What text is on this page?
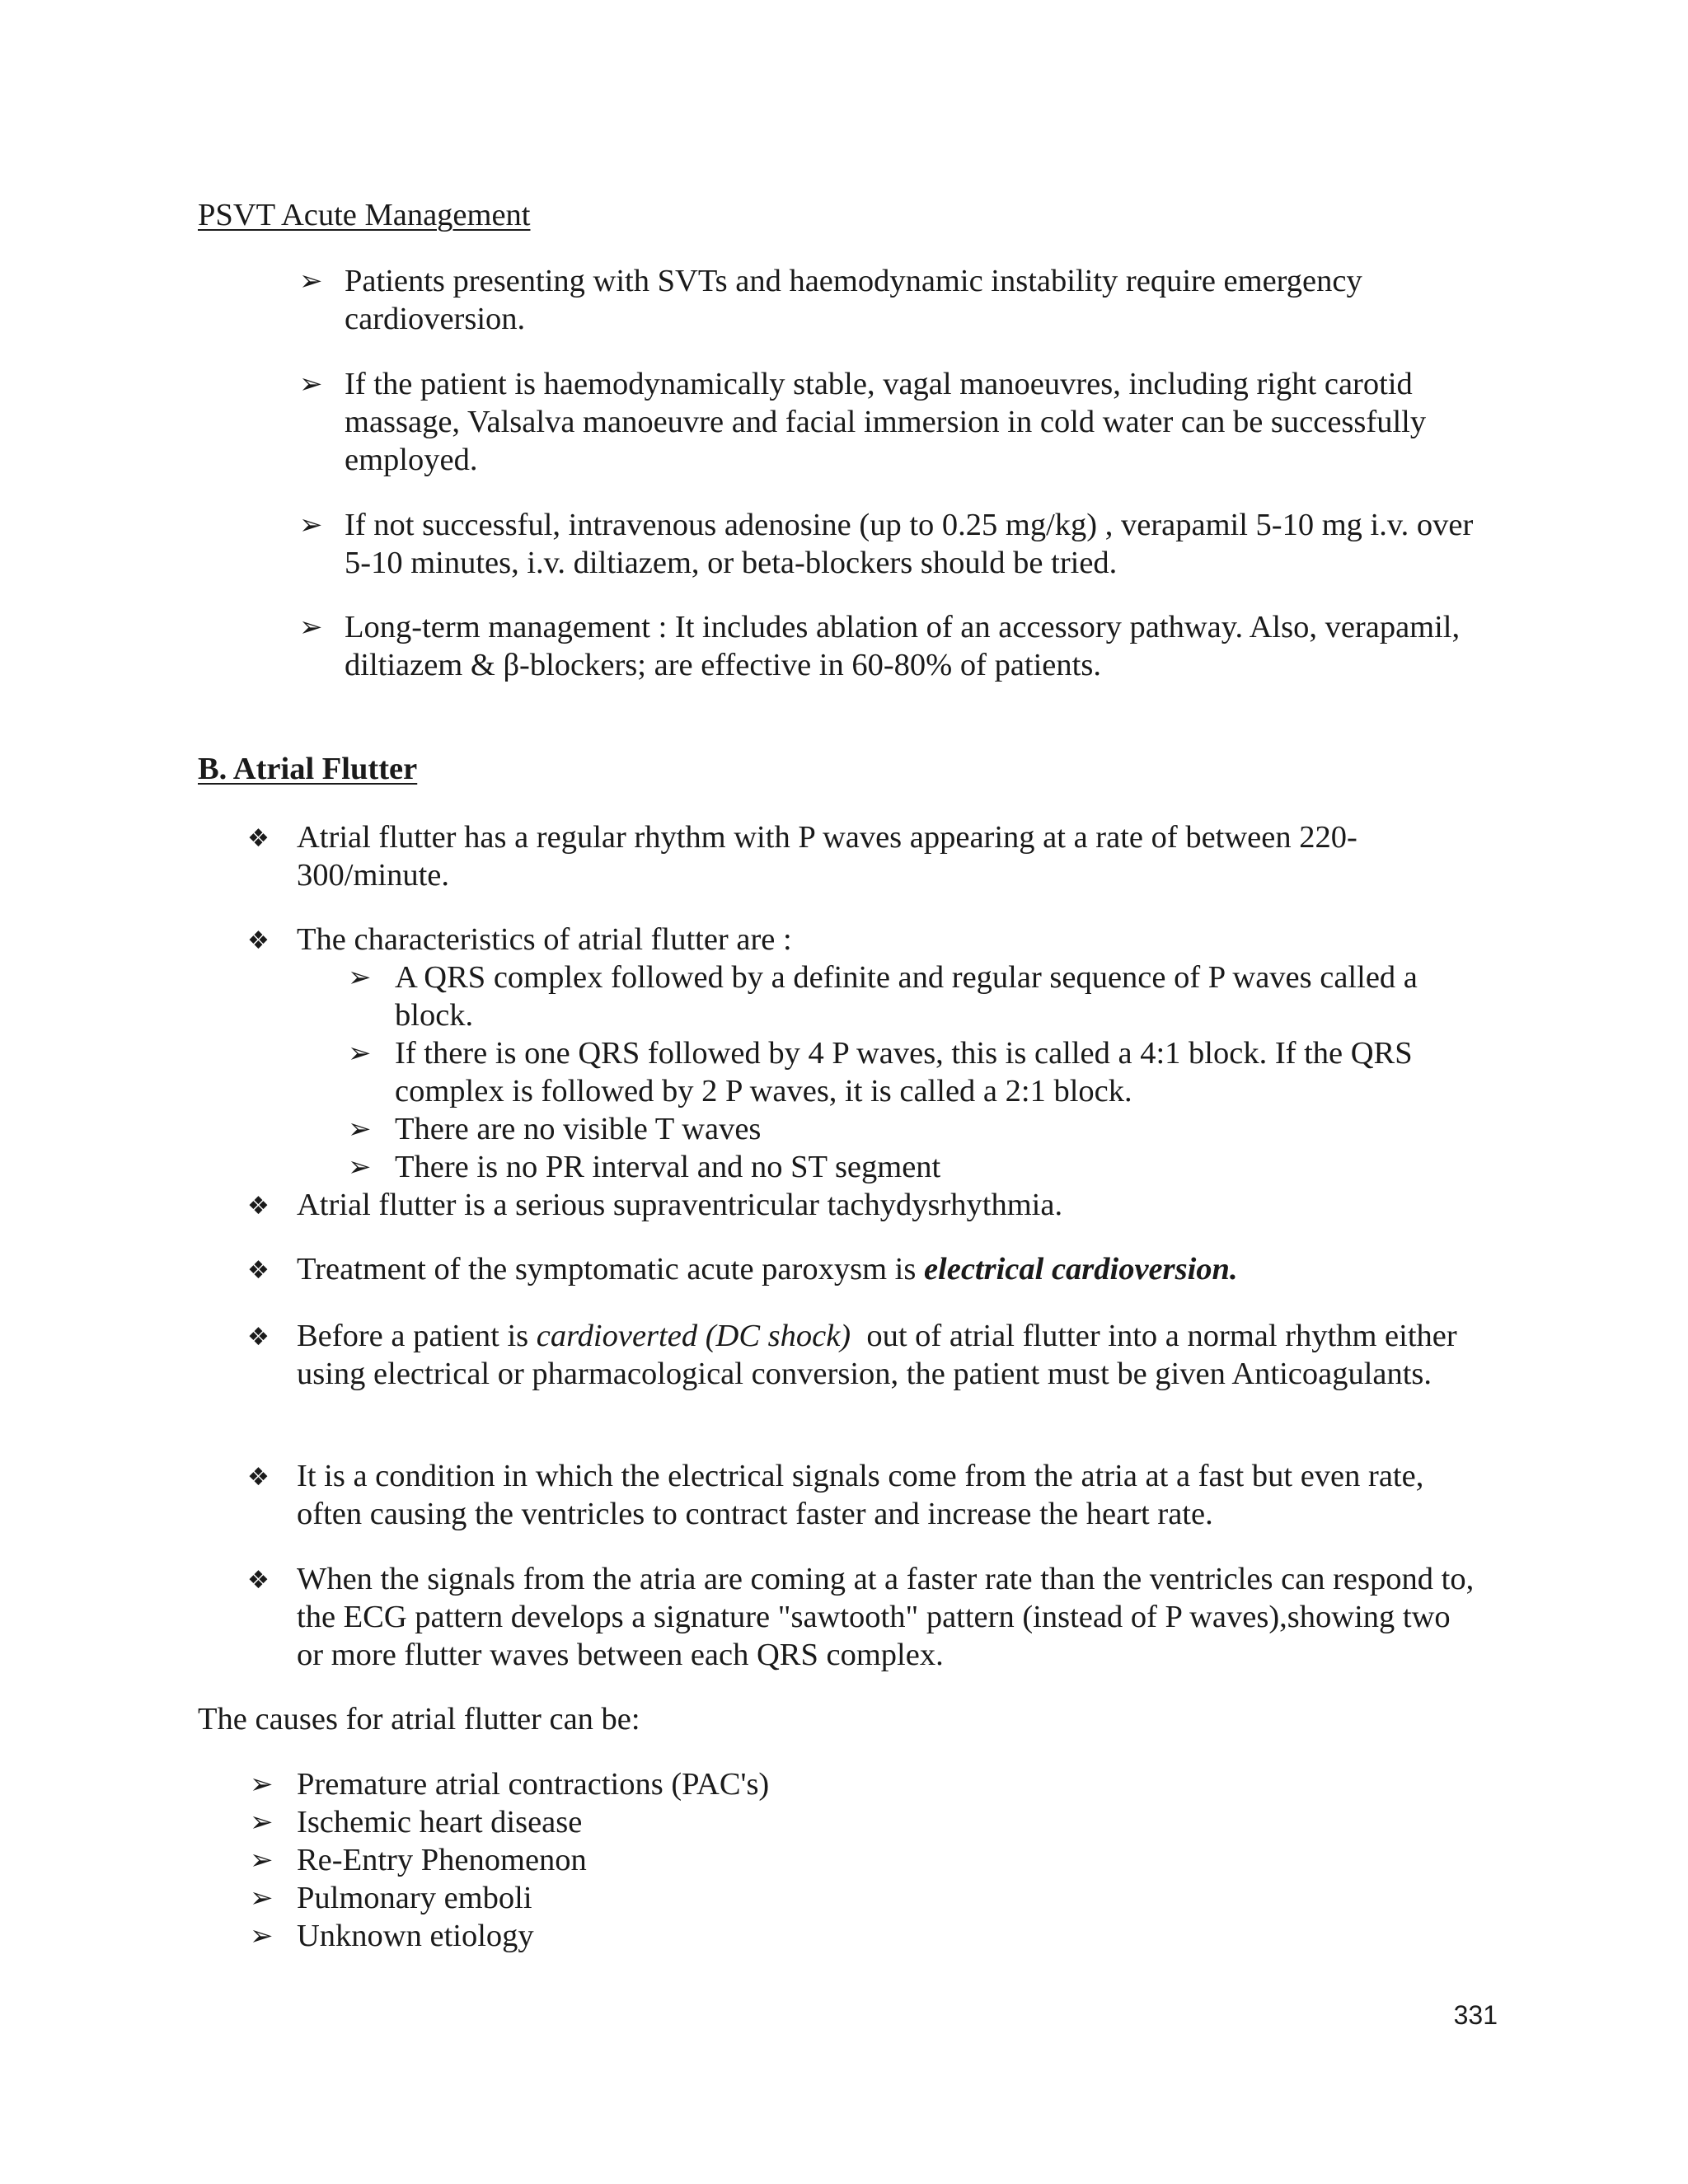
PSVT Acute Management

➢ Patients presenting with SVTs and haemodynamic instability require emergency cardioversion.
➢ If the patient is haemodynamically stable, vagal manoeuvres, including right carotid massage, Valsalva manoeuvre and facial immersion in cold water can be successfully employed.
➢ If not successful, intravenous adenosine (up to 0.25 mg/kg) , verapamil 5-10 mg i.v. over 5-10 minutes, i.v. diltiazem, or beta-blockers should be tried.
➢ Long-term management : It includes ablation of an accessory pathway. Also, verapamil, diltiazem & β-blockers; are effective in 60-80% of patients.

B. Atrial Flutter

❖ Atrial flutter has a regular rhythm with P waves appearing at a rate of between 220-300/minute.
❖ The characteristics of atrial flutter are :
➢ A QRS complex followed by a definite and regular sequence of P waves called a block.
➢ If there is one QRS followed by 4 P waves, this is called a 4:1 block. If the QRS complex is followed by 2 P waves, it is called a 2:1 block.
➢ There are no visible T waves
➢ There is no PR interval and no ST segment
❖ Atrial flutter is a serious supraventricular tachydysrhythmia.
❖ Treatment of the symptomatic acute paroxysm is electrical cardioversion.
❖ Before a patient is cardioverted (DC shock)  out of atrial flutter into a normal rhythm either using electrical or pharmacological conversion, the patient must be given Anticoagulants.
❖ It is a condition in which the electrical signals come from the atria at a fast but even rate, often causing the ventricles to contract faster and increase the heart rate.
❖ When the signals from the atria are coming at a faster rate than the ventricles can respond to, the ECG pattern develops a signature "sawtooth" pattern (instead of P waves),showing two or more flutter waves between each QRS complex.

The causes for atrial flutter can be:

➢ Premature atrial contractions (PAC's)
➢ Ischemic heart disease
➢ Re-Entry Phenomenon
➢ Pulmonary emboli
➢ Unknown etiology
331
